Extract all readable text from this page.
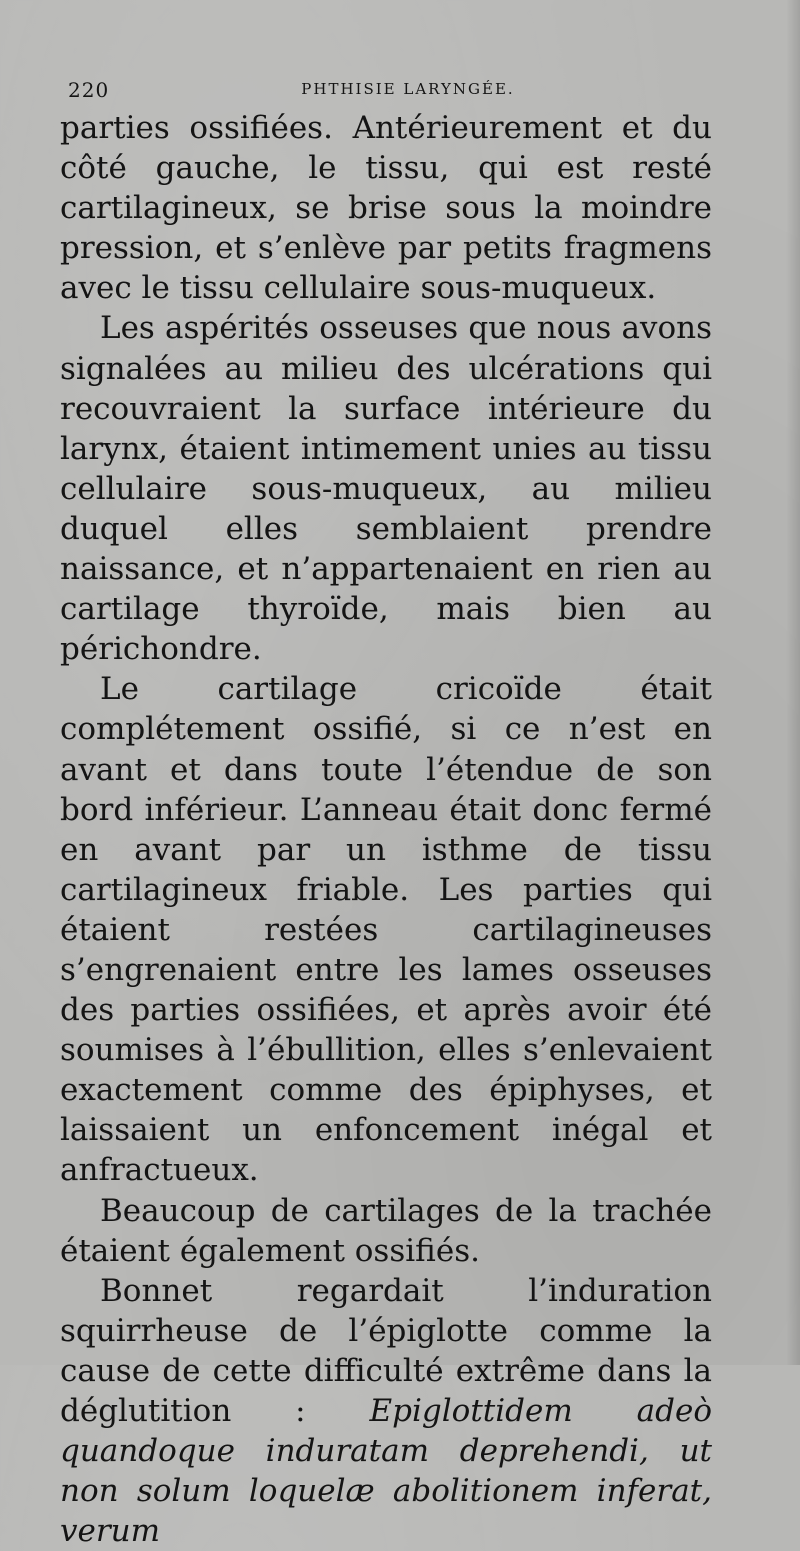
220	PHTHISIE LARYNGÉE.

parties ossifiées. Antérieurement et du côté gauche, le tissu, qui est resté cartilagineux, se brise sous la moindre pression, et s’enlève par petits fragmens avec le tissu cellulaire sous-muqueux.

Les aspérités osseuses que nous avons signalées au milieu des ulcérations qui recouvraient la surface intérieure du larynx, étaient intimement unies au tissu cellulaire sous-muqueux, au milieu duquel elles semblaient prendre naissance, et n’appartenaient en rien au cartilage thyroïde, mais bien au périchondre.

Le cartilage cricoïde était complétement ossifié, si ce n’est en avant et dans toute l’étendue de son bord inférieur. L’anneau était donc fermé en avant par un isthme de tissu cartilagineux friable. Les parties qui étaient restées cartilagineuses s’engrenaient entre les lames osseuses des parties ossifiées, et après avoir été soumises à l’ébullition, elles s’enlevaient exactement comme des épiphyses, et laissaient un enfoncement inégal et anfractueux.

Beaucoup de cartilages de la trachée étaient également ossifiés.

Bonnet regardait l’induration squirrheuse de l’épiglotte comme la cause de cette difficulté extrême dans la déglutition : Epiglottidem adeò quandoque induratam deprehendi, ut non solum loquelæ abolitionem inferat, verum
